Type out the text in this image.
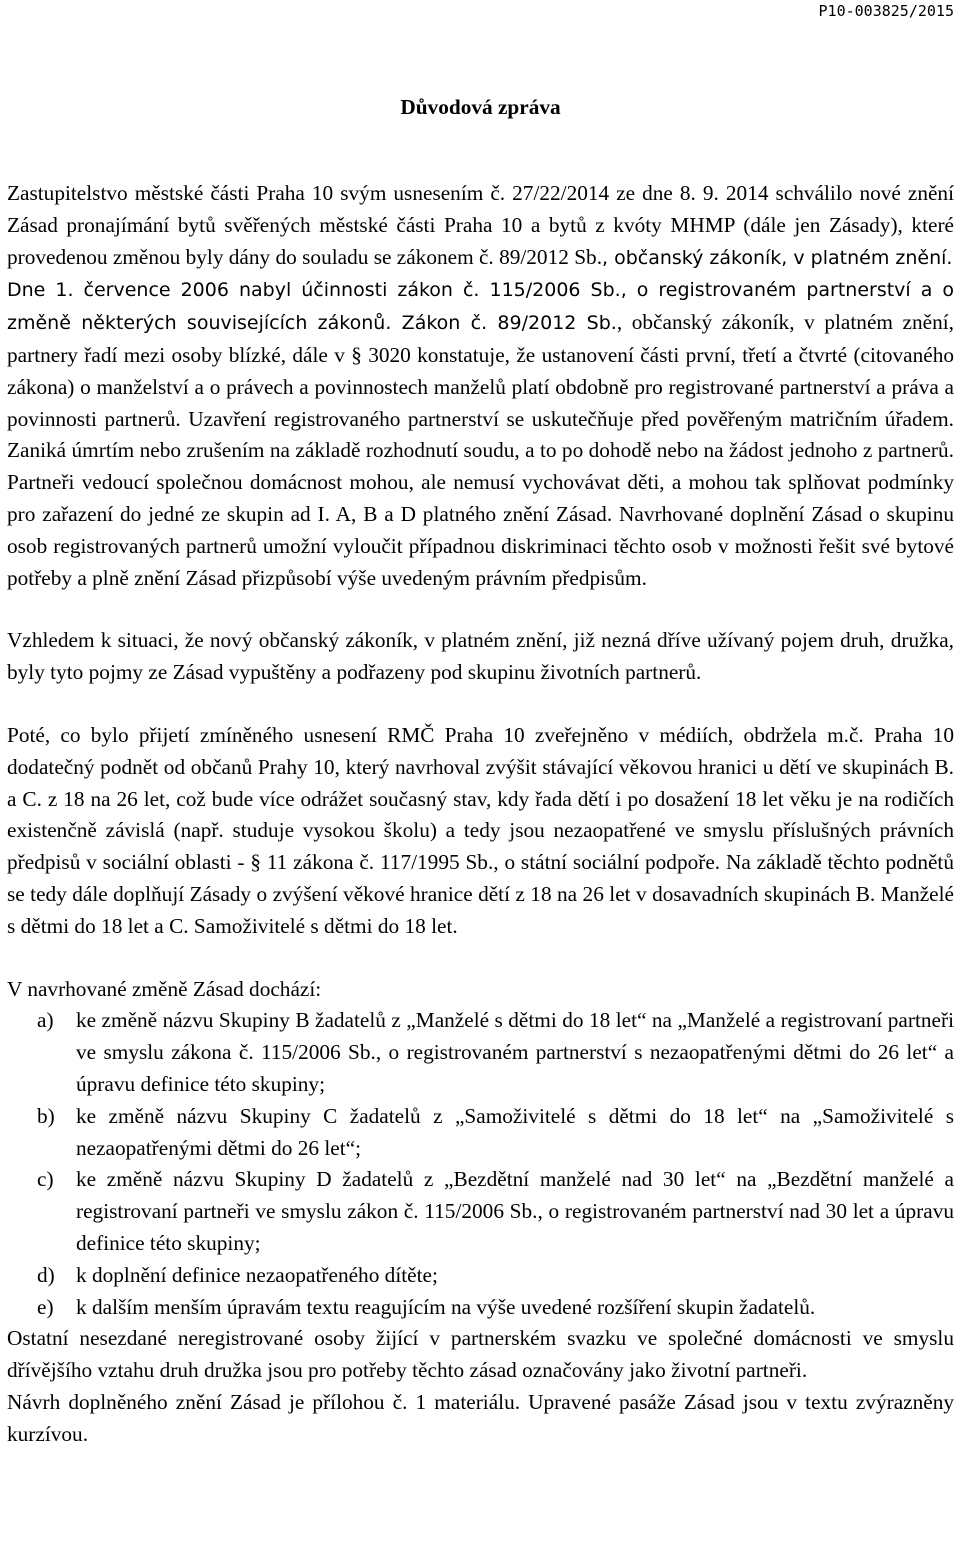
P10-003825/2015
Důvodová zpráva

Zastupitelstvo městské části Praha 10 svým usnesením č. 27/22/2014 ze dne 8. 9. 2014 schválilo nové znění Zásad pronajímání bytů svěřených městské části Praha 10 a bytů z kvóty MHMP (dále jen Zásady), které provedenou změnou byly dány do souladu se zákonem č. 89/2012 Sb., občanský zákoník, v platném znění.
Dne 1. července 2006 nabyl účinnosti zákon č. 115/2006 Sb., o registrovaném partnerství a o změně některých souvisejících zákonů. Zákon č. 89/2012 Sb., občanský zákoník, v platném znění, partnery řadí mezi osoby blízké, dále v § 3020 konstatuje, že ustanovení části první, třetí a čtvrté (citovaného zákona) o manželství a o právech a povinnostech manželů platí obdobně pro registrované partnerství a práva a povinnosti partnerů. Uzavření registrovaného partnerství se uskutečňuje před pověřeným matričním úřadem. Zaniká úmrtím nebo zrušením na základě rozhodnutí soudu, a to po dohodě nebo na žádost jednoho z partnerů. Partneři vedoucí společnou domácnost mohou, ale nemusí vychovávat děti, a mohou tak splňovat podmínky pro zařazení do jedné ze skupin ad I. A, B a D platného znění Zásad. Navrhované doplnění Zásad o skupinu osob registrovaných partnerů umožní vyloučit případnou diskriminaci těchto osob v možnosti řešit své bytové potřeby a plně znění Zásad přizpůsobí výše uvedeným právním předpisům.

Vzhledem k situaci, že nový občanský zákoník, v platném znění, již nezná dříve užívaný pojem druh, družka, byly tyto pojmy ze Zásad vypuštěny a podřazeny pod skupinu životních partnerů.

Poté, co bylo přijetí zmíněného usnesení RMČ Praha 10 zveřejněno v médiích, obdržela m.č. Praha 10 dodatečný podnět od občanů Prahy 10, který navrhoval zvýšit stávající věkovou hranici u dětí ve skupinách B. a C. z 18 na 26 let, což bude více odrážet současný stav, kdy řada dětí i po dosažení 18 let věku je na rodičích existenčně závislá (např. studuje vysokou školu) a tedy jsou nezaopatřené ve smyslu příslušných právních předpisů v sociální oblasti - § 11 zákona č. 117/1995 Sb., o státní sociální podpoře. Na základě těchto podnětů se tedy dále doplňují Zásady o zvýšení věkové hranice dětí z 18 na 26 let v dosavadních skupinách B. Manželé s dětmi do 18 let a C. Samoživitelé s dětmi do 18 let.

V navrhované změně Zásad dochází:

a) ke změně názvu Skupiny B žadatelů z „Manželé s dětmi do 18 let“ na „Manželé a registrovaní partneři ve smyslu zákona č. 115/2006 Sb., o registrovaném partnerství s nezaopatřenými dětmi do 26 let“ a úpravu definice této skupiny;
b) ke změně názvu Skupiny C žadatelů z „Samoživitelé s dětmi do 18 let“ na „Samoživitelé s nezaopatřenými dětmi do 26 let“;
c) ke změně názvu Skupiny D žadatelů z „Bezdětní manželé nad 30 let“ na „Bezdětní manželé a registrovaní partneři ve smyslu zákon č. 115/2006 Sb., o registrovaném partnerství nad 30 let a úpravu definice této skupiny;
d) k doplnění definice nezaopatřeného dítěte;
e) k dalším menším úpravám textu reagujícím na výše uvedené rozšíření skupin žadatelů.

Ostatní nesezdané neregistrované osoby žijící v partnerském svazku ve společné domácnosti ve smyslu dřívějšího vztahu druh družka jsou pro potřeby těchto zásad označovány jako životní partneři.

Návrh doplněného znění Zásad je přílohou č. 1 materiálu. Upravené pasáže Zásad jsou v textu zvýrazněny kurzívou.
